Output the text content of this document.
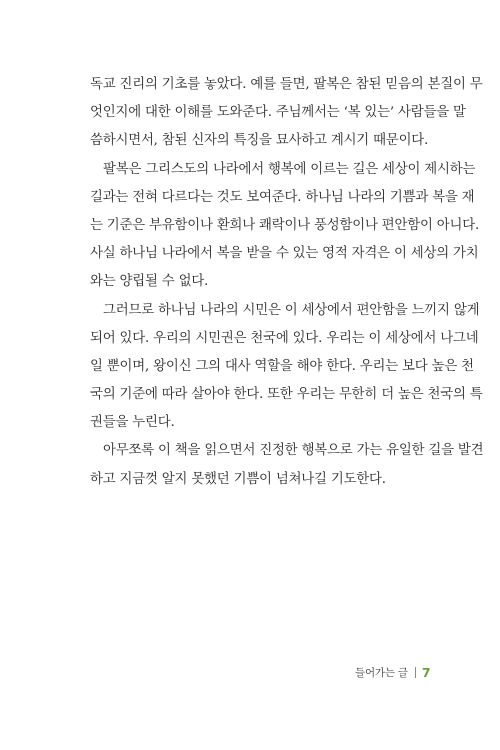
독교 진리의 기초를 놓았다. 예를 들면, 팔복은 참된 믿음의 본질이 무
엇인지에 대한 이해를 도와준다. 주님께서는 ‘복 있는’ 사람들을 말
씀하시면서, 참된 신자의 특징을 묘사하고 계시기 때문이다.
팔복은 그리스도의 나라에서 행복에 이르는 길은 세상이 제시하는
길과는 전혀 다르다는 것도 보여준다. 하나님 나라의 기쁨과 복을 재
는 기준은 부유함이나 환희나 쾌락이나 풍성함이나 편안함이 아니다.
사실 하나님 나라에서 복을 받을 수 있는 영적 자격은 이 세상의 가치
와는 양립될 수 없다.
그러므로 하나님 나라의 시민은 이 세상에서 편안함을 느끼지 않게
되어 있다. 우리의 시민권은 천국에 있다. 우리는 이 세상에서 나그네
일 뿐이며, 왕이신 그의 대사 역할을 해야 한다. 우리는 보다 높은 천
국의 기준에 따라 살아야 한다. 또한 우리는 무한히 더 높은 천국의 특
권들을 누린다.
아무쪼록 이 책을 읽으면서 진정한 행복으로 가는 유일한 길을 발견
하고 지금껏 알지 못했던 기쁨이 넘쳐나길 기도한다.
들어가는 글 7
